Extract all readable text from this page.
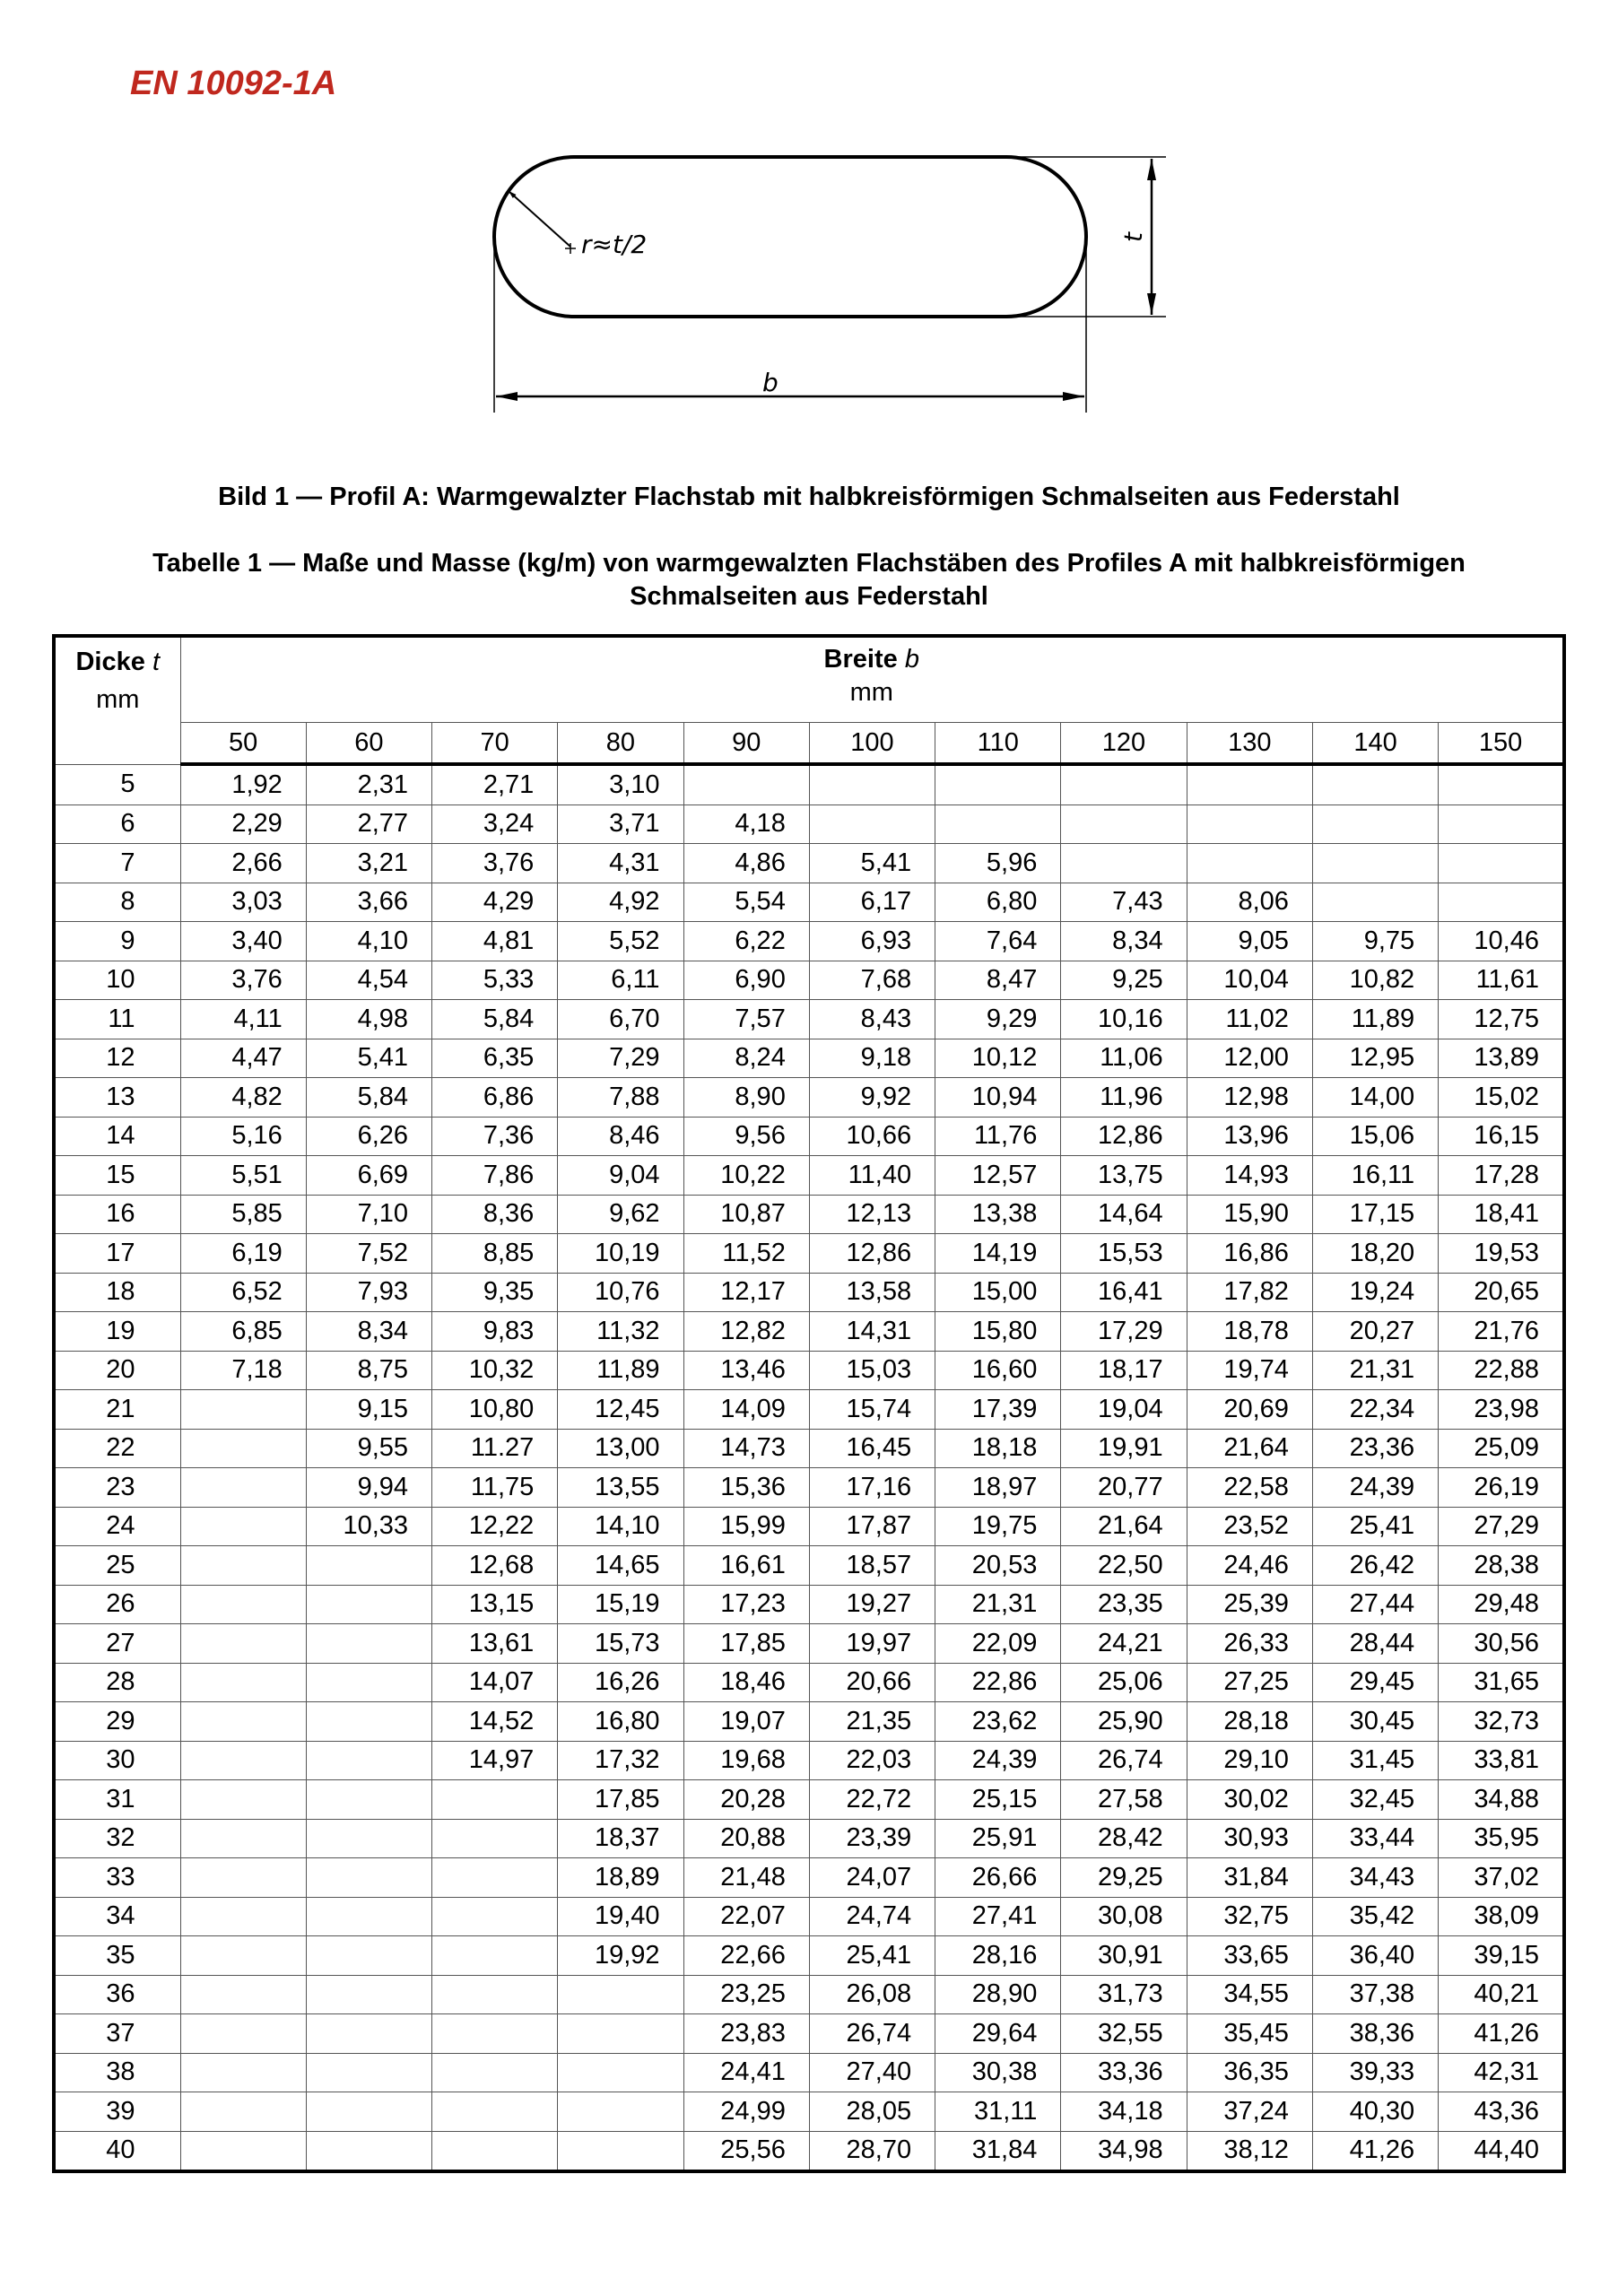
EN 10092-1A
r≈t/2	t
b

Bild 1 — Profil A: Warmgewalzter Flachstab mit halbkreisförmigen Schmalseiten aus Federstahl

Tabelle 1 — Maße und Masse (kg/m) von warmgewalzten Flachstäben des Profiles A mit halbkreisförmigen
Schmalseiten aus Federstahl
Dicke t
mm	Breite b
mm										
	50	60	70	80	90	100	110	120	130	140	150
5	1,92	2,31	2,71	3,10							
6	2,29	2,77	3,24	3,71	4,18						
7	2,66	3,21	3,76	4,31	4,86	5,41	5,96				
8	3,03	3,66	4,29	4,92	5,54	6,17	6,80	7,43	8,06		
9	3,40	4,10	4,81	5,52	6,22	6,93	7,64	8,34	9,05	9,75	10,46
10	3,76	4,54	5,33	6,11	6,90	7,68	8,47	9,25	10,04	10,82	11,61
11	4,11	4,98	5,84	6,70	7,57	8,43	9,29	10,16	11,02	11,89	12,75
12	4,47	5,41	6,35	7,29	8,24	9,18	10,12	11,06	12,00	12,95	13,89
13	4,82	5,84	6,86	7,88	8,90	9,92	10,94	11,96	12,98	14,00	15,02
14	5,16	6,26	7,36	8,46	9,56	10,66	11,76	12,86	13,96	15,06	16,15
15	5,51	6,69	7,86	9,04	10,22	11,40	12,57	13,75	14,93	16,11	17,28
16	5,85	7,10	8,36	9,62	10,87	12,13	13,38	14,64	15,90	17,15	18,41
17	6,19	7,52	8,85	10,19	11,52	12,86	14,19	15,53	16,86	18,20	19,53
18	6,52	7,93	9,35	10,76	12,17	13,58	15,00	16,41	17,82	19,24	20,65
19	6,85	8,34	9,83	11,32	12,82	14,31	15,80	17,29	18,78	20,27	21,76
20	7,18	8,75	10,32	11,89	13,46	15,03	16,60	18,17	19,74	21,31	22,88
21		9,15	10,80	12,45	14,09	15,74	17,39	19,04	20,69	22,34	23,98
22		9,55	11.27	13,00	14,73	16,45	18,18	19,91	21,64	23,36	25,09
23		9,94	11,75	13,55	15,36	17,16	18,97	20,77	22,58	24,39	26,19
24		10,33	12,22	14,10	15,99	17,87	19,75	21,64	23,52	25,41	27,29
25			12,68	14,65	16,61	18,57	20,53	22,50	24,46	26,42	28,38
26			13,15	15,19	17,23	19,27	21,31	23,35	25,39	27,44	29,48
27			13,61	15,73	17,85	19,97	22,09	24,21	26,33	28,44	30,56
28			14,07	16,26	18,46	20,66	22,86	25,06	27,25	29,45	31,65
29			14,52	16,80	19,07	21,35	23,62	25,90	28,18	30,45	32,73
30			14,97	17,32	19,68	22,03	24,39	26,74	29,10	31,45	33,81
31				17,85	20,28	22,72	25,15	27,58	30,02	32,45	34,88
32				18,37	20,88	23,39	25,91	28,42	30,93	33,44	35,95
33				18,89	21,48	24,07	26,66	29,25	31,84	34,43	37,02
34				19,40	22,07	24,74	27,41	30,08	32,75	35,42	38,09
35				19,92	22,66	25,41	28,16	30,91	33,65	36,40	39,15
36					23,25	26,08	28,90	31,73	34,55	37,38	40,21
37					23,83	26,74	29,64	32,55	35,45	38,36	41,26
38					24,41	27,40	30,38	33,36	36,35	39,33	42,31
39					24,99	28,05	31,11	34,18	37,24	40,30	43,36
40					25,56	28,70	31,84	34,98	38,12	41,26	44,40
